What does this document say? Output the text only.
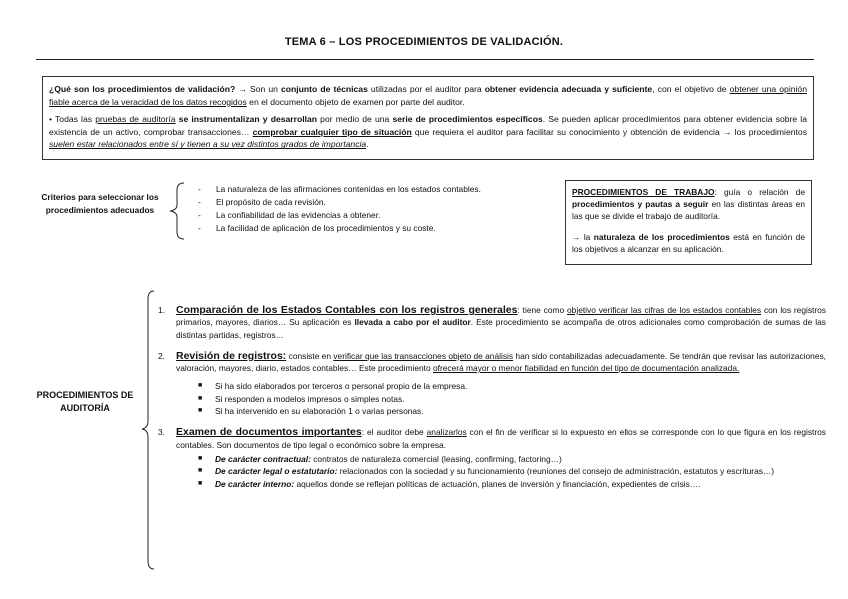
TEMA 6 – LOS PROCEDIMIENTOS DE VALIDACIÓN.

¿Qué son los procedimientos de validación? → Son un conjunto de técnicas utilizadas por el auditor para obtener evidencia adecuada y suficiente, con el objetivo de obtener una opinión fiable acerca de la veracidad de los datos recogidos en el documento objeto de examen por parte del auditor.

• Todas las pruebas de auditoría se instrumentalizan y desarrollan por medio de una serie de procedimientos específicos. Se pueden aplicar procedimientos para obtener evidencia sobre la existencia de un activo, comprobar transacciones… comprobar cualquier tipo de situación que requiera el auditor para facilitar su conocimiento y obtención de evidencia → los procedimientos suelen estar relacionados entre sí y tienen a su vez distintos grados de importancia.

Criterios para seleccionar los procedimientos adecuados
-	La naturaleza de las afirmaciones contenidas en los estados contables.
-	El propósito de cada revisión.
-	La confiabilidad de las evidencias a obtener.
-	La facilidad de aplicación de los procedimientos y su coste.

PROCEDIMIENTOS DE TRABAJO: guía o relación de procedimientos y pautas a seguir en las distintas áreas en las que se divide el trabajo de auditoría.

→ la naturaleza de los procedimientos está en función de los objetivos a alcanzar en su aplicación.

PROCEDIMIENTOS DE AUDITORÍA
1. Comparación de los Estados Contables con los registros generales: tiene como objetivo verificar las cifras de los estados contables con los registros primarios, mayores, diarios… Su aplicación es llevada a cabo por el auditor. Este procedimiento se acompaña de otros adicionales como comprobación de sumas de las distintas partidas, registros…
2. Revisión de registros: consiste en verificar que las transacciones objeto de análisis han sido contabilizadas adecuadamente. Se tendrán que revisar las autorizaciones, valoración, mayores, diario, estados contables… Este procedimiento ofrecerá mayor o menor fiabilidad en función del tipo de documentación analizada.
■ Si ha sido elaborados por terceros o personal propio de la empresa.
■ Si responden a modelos impresos o simples notas.
■ Si ha intervenido en su elaboración 1 o varias personas.
3. Examen de documentos importantes: el auditor debe analizarlos con el fin de verificar si lo expuesto en ellos se corresponde con lo que figura en los registros contables. Son documentos de tipo legal o económico sobre la empresa.
■ De carácter contractual: contratos de naturaleza comercial (leasing, confirming, factoring…)
■ De carácter legal o estatutario: relacionados con la sociedad y su funcionamiento (reuniones del consejo de administración, estatutos y escrituras…)
■ De carácter interno: aquellos donde se reflejan políticas de actuación, planes de inversión y financiación, expedientes de crisis….
